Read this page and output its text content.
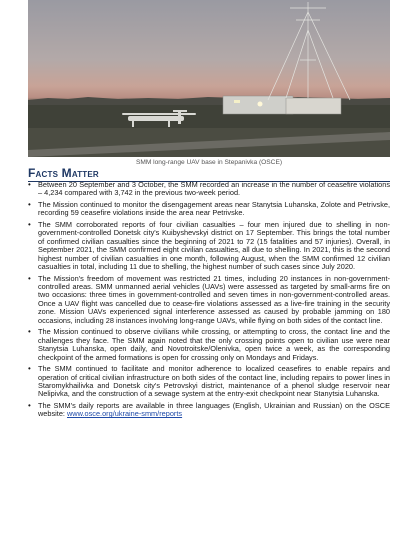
SMM long-range UAV base in Stepanivka (OSCE)
Facts Matter
• Between 20 September and 3 October, the SMM recorded an increase in the number of ceasefire violations – 4,234 compared with 3,742 in the previous two-week period.
• The Mission continued to monitor the disengagement areas near Stanytsia Luhanska, Zolote and Petrivske, recording 59 ceasefire violations inside the area near Petrivske.
• The SMM corroborated reports of four civilian casualties – four men injured due to shelling in non-government-controlled Donetsk city's Kuibyshevskyi district on 17 September. This brings the total number of confirmed civilian casualties since the beginning of 2021 to 72 (15 fatalities and 57 injuries). Overall, in September 2021, the SMM confirmed eight civilian casualties, all due to shelling. In 2021, this is the second highest number of civilian casualties in one month, following August, when the SMM confirmed 12 civilian casualties in total, including 11 due to shelling, the highest number of such cases since July 2020.
• The Mission's freedom of movement was restricted 21 times, including 20 instances in non-government-controlled areas. SMM unmanned aerial vehicles (UAVs) were assessed as targeted by small-arms fire on two occasions: three times in government-controlled and seven times in non-government-controlled areas. Once a UAV flight was cancelled due to cease-fire violations assessed as a live-fire training in the security zone. Mission UAVs experienced signal interference assessed as caused by probable jamming on 180 occasions, including 28 instances involving long-range UAVs, while flying on both sides of the contact line.
• The Mission continued to observe civilians while crossing, or attempting to cross, the contact line and the challenges they face. The SMM again noted that the only crossing points open to civilian use were near Stanytsia Luhanska, open daily, and Novotroitske/Olenivka, open twice a week, as the corresponding checkpoint of the armed formations is open for crossing only on Mondays and Fridays.
• The SMM continued to facilitate and monitor adherence to localized ceasefires to enable repairs and operation of critical civilian infrastructure on both sides of the contact line, including repairs to power lines in Staromykhailivka and Donetsk city's Petrovskyi district, maintenance of a phenol sludge reservoir near Nelipivka, and the construction of a sewage system at the entry-exit checkpoint near Stanytsia Luhanska.
• The SMM's daily reports are available in three languages (English, Ukrainian and Russian) on the OSCE website: www.osce.org/ukraine-smm/reports
